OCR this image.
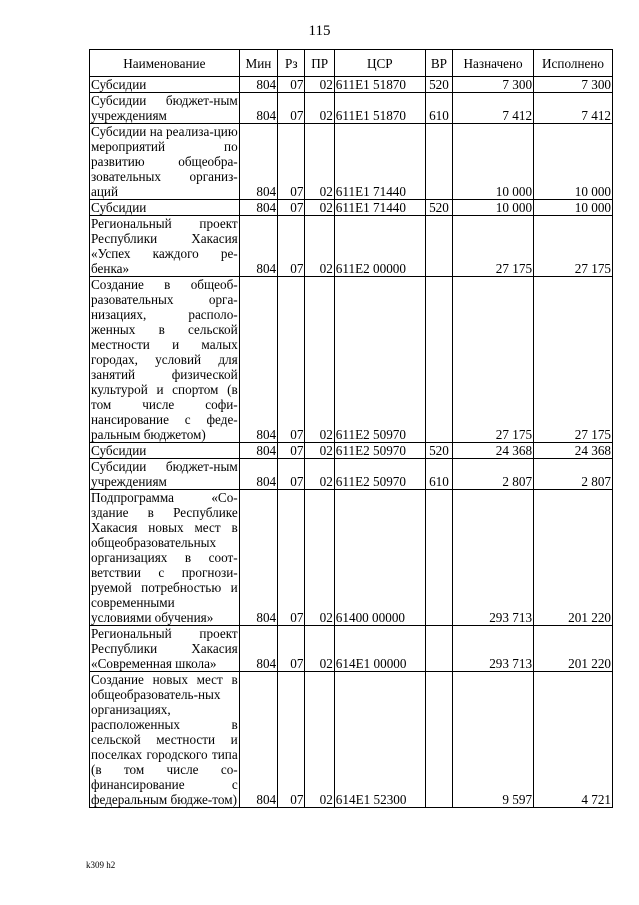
115
Наименование	Мин	Рз	ПР	ЦСР	ВР	Назначено	Исполнено
Субсидии	804	07	02	611E1 51870	520	7 300	7 300
Субсидии бюджет-ным учреждениям	804	07	02	611E1 51870	610	7 412	7 412
Субсидии на реализа-цию мероприятий по развитию общеобра-зовательных организ-аций	804	07	02	611E1 71440		10 000	10 000
Субсидии	804	07	02	611E1 71440	520	10 000	10 000
Региональный проект Республики Хакасия «Успех каждого ре-бенка»	804	07	02	611E2 00000		27 175	27 175
Создание в общеоб-разовательных орга-низациях, располо-женных в сельской местности и малых городах, условий для занятий физической культурой и спортом (в том числе софи-нансирование с феде-ральным бюджетом)	804	07	02	611E2 50970		27 175	27 175
Субсидии	804	07	02	611E2 50970	520	24 368	24 368
Субсидии бюджет-ным учреждениям	804	07	02	611E2 50970	610	2 807	2 807
Подпрограмма «Со-здание в Республике Хакасия новых мест в общеобразовательных организациях в соот-ветствии с прогнози-руемой потребностью и современными условиями обучения»	804	07	02	61400 00000		293 713	201 220
Региональный проект Республики Хакасия «Современная школа»	804	07	02	614E1 00000		293 713	201 220
Создание новых мест в общеобразователь-ных организациях, расположенных в сельской местности и поселках городского типа (в том числе со-финансирование с федеральным бюдже-том)	804	07	02	614E1 52300		9 597	4 721
k309 h2
